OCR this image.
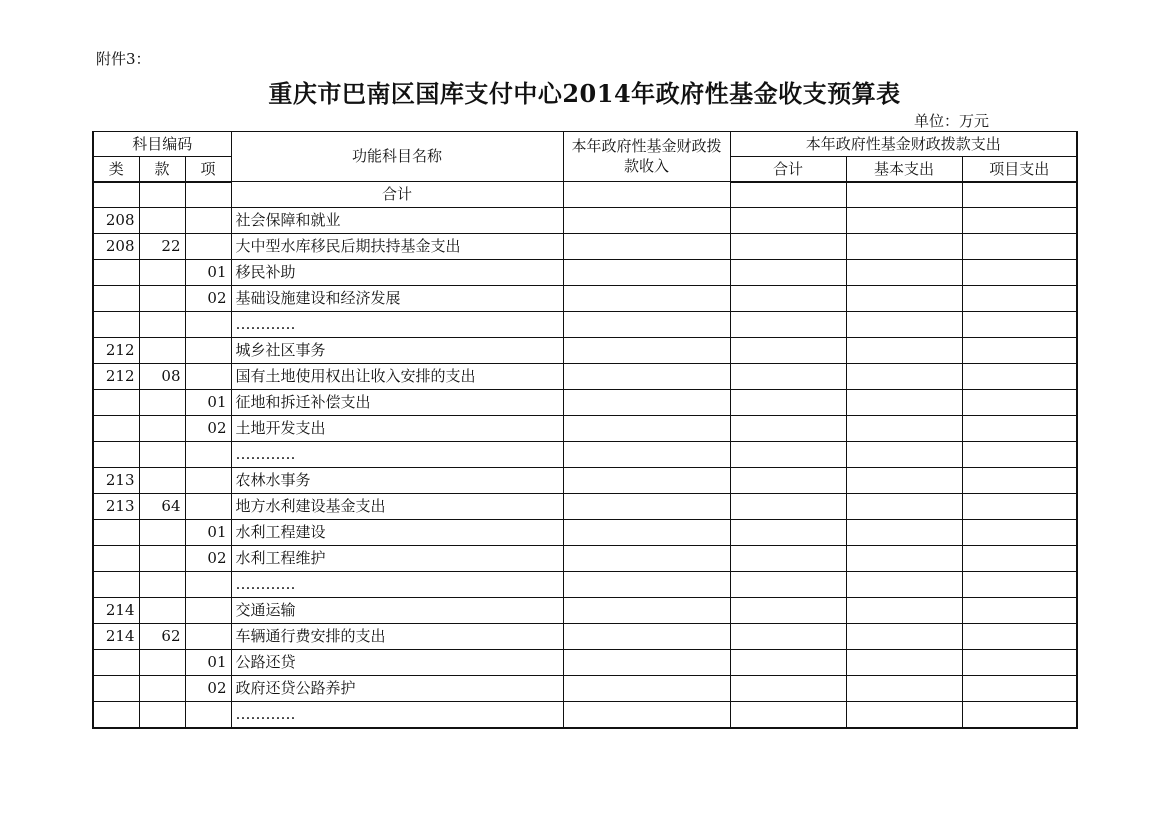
附件3：
重庆市巴南区国库支付中心2014年政府性基金收支预算表
单位：万元
科目编码			功能科目名称	本年政府性基金财政拨款收入	本年政府性基金财政拨款支出		
类	款	项			合计	基本支出	项目支出
			合计				
208			社会保障和就业				
208	22		大中型水库移民后期扶持基金支出				
		01	移民补助				
		02	基础设施建设和经济发展				
			…………				
212			城乡社区事务				
212	08		国有土地使用权出让收入安排的支出				
		01	征地和拆迁补偿支出				
		02	土地开发支出				
			…………				
213			农林水事务				
213	64		地方水利建设基金支出				
		01	水利工程建设				
		02	水利工程维护				
			…………				
214			交通运输				
214	62		车辆通行费安排的支出				
		01	公路还贷				
		02	政府还贷公路养护				
			…………				
